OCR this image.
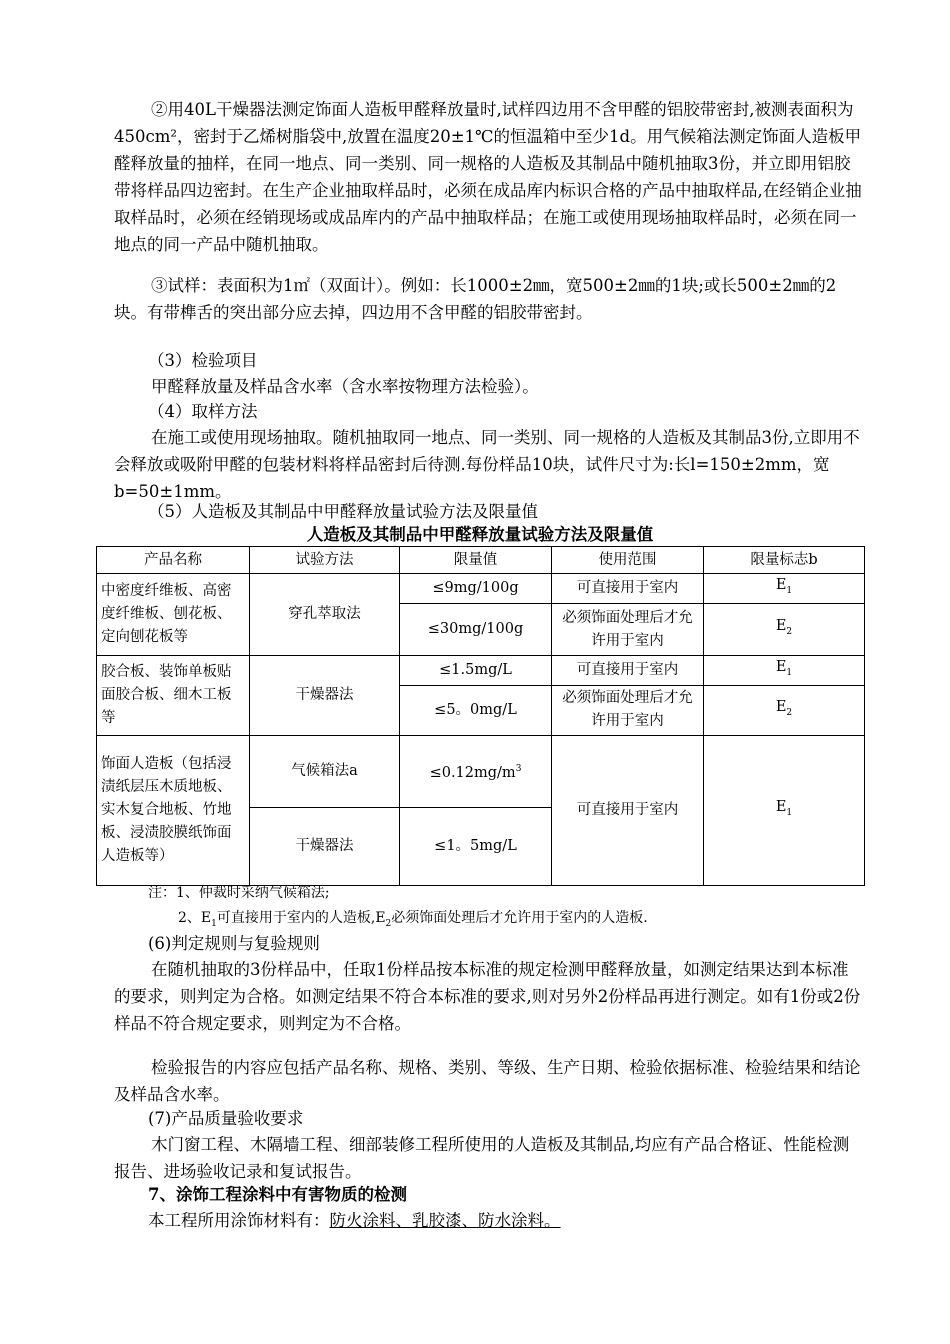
②用40L干燥器法测定饰面人造板甲醛释放量时,试样四边用不含甲醛的铝胶带密封,被测表面积为450cm²，密封于乙烯树脂袋中,放置在温度20±1℃的恒温箱中至少1d。用气候箱法测定饰面人造板甲醛释放量的抽样，在同一地点、同一类别、同一规格的人造板及其制品中随机抽取3份，并立即用铝胶带将样品四边密封。在生产企业抽取样品时，必须在成品库内标识合格的产品中抽取样品,在经销企业抽取样品时，必须在经销现场或成品库内的产品中抽取样品；在施工或使用现场抽取样品时，必须在同一地点的同一产品中随机抽取。

③试样：表面积为1㎡（双面计）。例如：长1000±2㎜，宽500±2㎜的1块;或长500±2㎜的2块。有带榫舌的突出部分应去掉，四边用不含甲醛的铝胶带密封。

（3）检验项目

甲醛释放量及样品含水率（含水率按物理方法检验）。

（4）取样方法

在施工或使用现场抽取。随机抽取同一地点、同一类别、同一规格的人造板及其制品3份,立即用不会释放或吸附甲醛的包装材料将样品密封后待测.每份样品10块，试件尺寸为:长l=150±2mm，宽b=50±1mm。

（5）人造板及其制品中甲醛释放量试验方法及限量值

人造板及其制品中甲醛释放量试验方法及限量值

产品名称	试验方法	限量值	使用范围	限量标志b
中密度纤维板、高密度纤维板、刨花板、定向刨花板等	穿孔萃取法	≤9mg/100g	可直接用于室内	$E_1$
		≤30mg/100g	必须饰面处理后才允许用于室内	$E_2$
胶合板、装饰单板贴面胶合板、细木工板等	干燥器法	≤1.5mg/L	可直接用于室内	$E_1$
		≤5。0mg/L	必须饰面处理后才允许用于室内	$E_2$
饰面人造板（包括浸渍纸层压木质地板、实木复合地板、竹地板、浸渍胶膜纸饰面人造板等）	气候箱法a	$\le 0.12mg/m^3$	可直接用于室内	$E_1$
	干燥器法	≤1。5mg/L		

注：1、仲裁时采纳气候箱法;

2、$E_1$可直接用于室内的人造板$,E_2$必须饰面处理后才允许用于室内的人造板.

(6)判定规则与复验规则

在随机抽取的3份样品中，任取1份样品按本标准的规定检测甲醛释放量，如测定结果达到本标准的要求，则判定为合格。如测定结果不符合本标准的要求,则对另外2份样品再进行测定。如有1份或2份样品不符合规定要求，则判定为不合格。

检验报告的内容应包括产品名称、规格、类别、等级、生产日期、检验依据标准、检验结果和结论及样品含水率。

(7)产品质量验收要求

木门窗工程、木隔墙工程、细部装修工程所使用的人造板及其制品,均应有产品合格证、性能检测报告、进场验收记录和复试报告。

7、涂饰工程涂料中有害物质的检测

本工程所用涂饰材料有：防火涂料、乳胶漆、防水涂料。
